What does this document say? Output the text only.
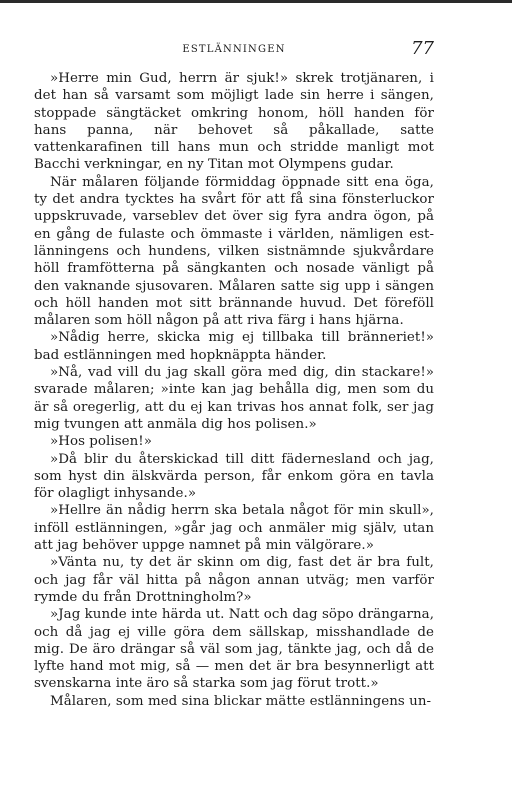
ESTLÄNNINGEN	77

»Herre min Gud, herrn är sjuk!» skrek trotjänaren, i det han så varsamt som möjligt lade sin herre i sängen, stoppade sängtäcket omkring honom, höll handen för hans panna, när behovet så påkallade, satte vattenkarafinen till hans mun och stridde manligt mot Bacchi verkningar, en ny Titan mot Olympens gudar.

När målaren följande förmiddag öppnade sitt ena öga, ty det andra tycktes ha svårt för att få sina fönsterluckor uppskruvade, varseblev det över sig fyra andra ögon, på en gång de fulaste och ömmaste i världen, nämligen estlänningens och hundens, vilken sistnämnde sjukvårdare höll framfötterna på sängkanten och nosade vänligt på den vaknande sjusovaren. Målaren satte sig upp i sängen och höll handen mot sitt brännande huvud. Det föreföll målaren som höll någon på att riva färg i hans hjärna.

»Nådig herre, skicka mig ej tillbaka till bränneriet!» bad estlänningen med hopknäppta händer.

»Nå, vad vill du jag skall göra med dig, din stackare!» svarade målaren; »inte kan jag behålla dig, men som du är så oregerlig, att du ej kan trivas hos annat folk, ser jag mig tvungen att anmäla dig hos polisen.»

»Hos polisen!»

»Då blir du återskickad till ditt fädernesland och jag, som hyst din älskvärda person, får enkom göra en tavla för olagligt inhysande.»

»Hellre än nådig herrn ska betala något för min skull», inföll estlänningen, »går jag och anmäler mig själv, utan att jag behöver uppge namnet på min välgörare.»

»Vänta nu, ty det är skinn om dig, fast det är bra fult, och jag får väl hitta på någon annan utväg; men varför rymde du från Drottningholm?»

»Jag kunde inte härda ut. Natt och dag söpo drängarna, och då jag ej ville göra dem sällskap, misshandlade de mig. De äro drängar så väl som jag, tänkte jag, och då de lyfte hand mot mig, så — men det är bra besynnerligt att svenskarna inte äro så starka som jag förut trott.»

Målaren, som med sina blickar mätte estlänningens un-
